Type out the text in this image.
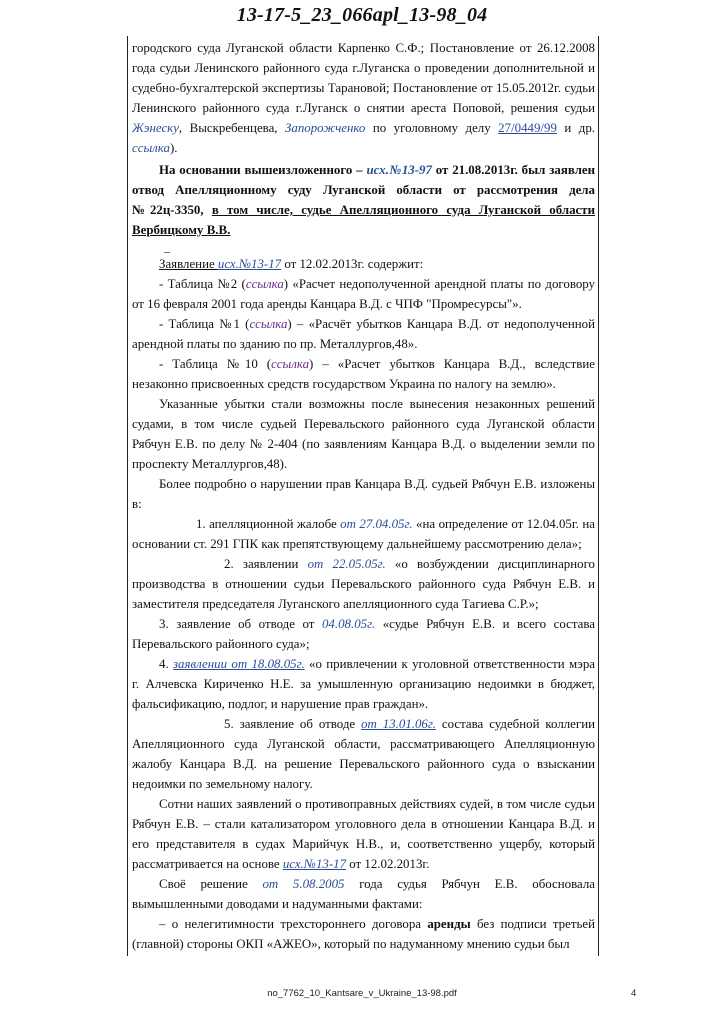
13-17-5_23_066apl_13-98_04

городского суда Луганской области Карпенко С.Ф.; Постановление от 26.12.2008 года судьи Ленинского районного суда г.Луганска о проведении дополнительной и судебно-бухгалтерской экспертизы Тарановой; Постановление от 15.05.2012г. судьи Ленинского районного суда г.Луганск о снятии ареста Поповой, решения судьи Жэнеску, Выскребенцева, Запорожченко по уголовному делу 27/0449/99 и др. ссылка).

На основании вышеизложенного – исх.№13-97 от 21.08.2013г. был заявлен отвод Апелляционному суду Луганской области от рассмотрения дела №22ц-3350, в том числе, судье Апелляционного суда Луганской области Вербицкому В.В.

–

Заявление исх.№13-17 от 12.02.2013г. содержит:

- Таблица №2 (ссылка) «Расчет недополученной арендной платы по договору от 16 февраля 2001 года аренды Канцара В.Д. с ЧПФ "Промресурсы"».

- Таблица №1 (ссылка) – «Расчёт убытков Канцара В.Д. от недополученной арендной платы по зданию по пр. Металлургов,48».

- Таблица №10 (ссылка) – «Расчет убытков Канцара В.Д., вследствие незаконно присвоенных средств государством Украина по налогу на землю».

Указанные убытки стали возможны после вынесения незаконных решений судами, в том числе судьей Перевальского районного суда Луганской области Рябчун Е.В. по делу № 2-404 (по заявлениям Канцара В.Д. о выделении земли по проспекту Металлургов,48).

Более подробно о нарушении прав Канцара В.Д. судьей Рябчун Е.В. изложены в:

1. апелляционной жалобе от 27.04.05г. «на определение от 12.04.05г. на основании ст. 291 ГПК как препятствующему дальнейшему рассмотрению дела»;

2. заявлении от 22.05.05г. «о возбуждении дисциплинарного производства в отношении судьи Перевальского районного суда Рябчун Е.В. и заместителя председателя Луганского апелляционного суда Тагиева С.Р.»;

3. заявление об отводе от 04.08.05г. «судье Рябчун Е.В. и всего состава Перевальского районного суда»;

4. заявлении от 18.08.05г. «о привлечении к уголовной ответственности мэра г. Алчевска Кириченко Н.Е. за умышленную организацию недоимки в бюджет, фальсификацию, подлог, и нарушение прав граждан».

5. заявление об отводе от 13.01.06г. состава судебной коллегии Апелляционного суда Луганской области, рассматривающего Апелляционную жалобу Канцара В.Д. на решение Перевальского районного суда о взыскании недоимки по земельному налогу.

Сотни наших заявлений о противоправных действиях судей, в том числе судьи Рябчун Е.В. – стали катализатором уголовного дела в отношении Канцара В.Д. и его представителя в судах Марийчук Н.В., и, соответственно ущербу, который рассматривается на основе исх.№13-17 от 12.02.2013г.

Своё решение от 5.08.2005 года судья Рябчун Е.В. обосновала вымышленными доводами и надуманными фактами:

– о нелегитимности трехстороннего договора аренды без подписи третьей (главной) стороны ОКП «АЖЕО», который по надуманному мнению судьи был

no_7762_10_Kantsare_v_Ukraine_13-98.pdf	4
